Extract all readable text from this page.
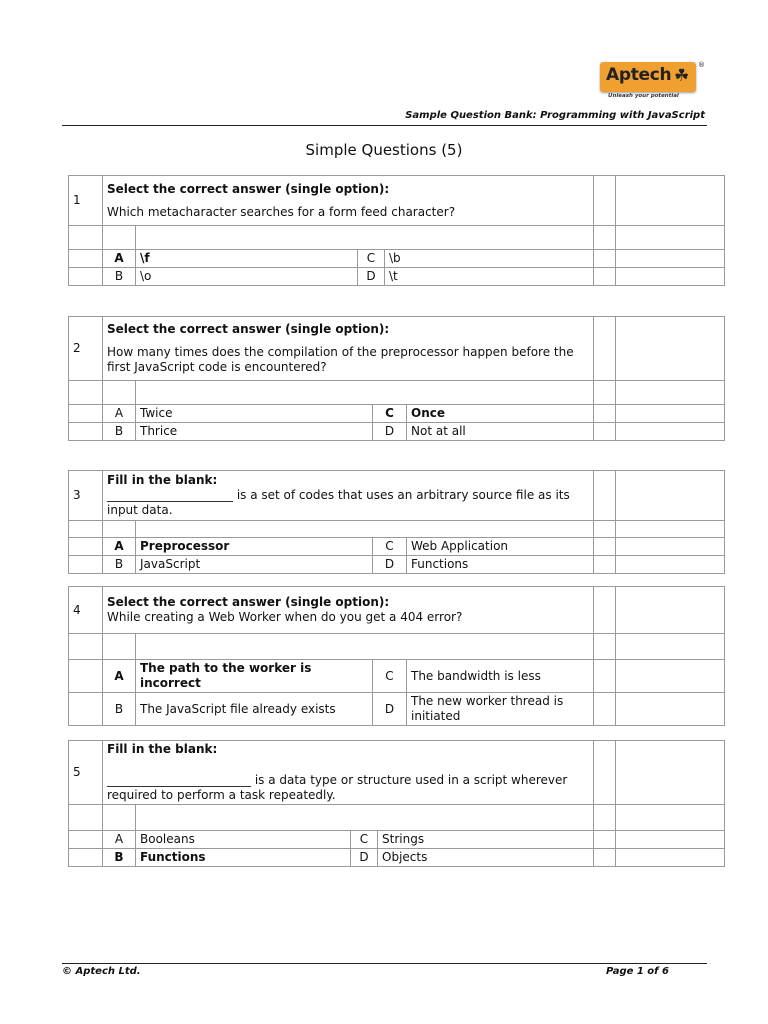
Aptech ☘
®
Unleash your potential
Sample Question Bank: Programming with JavaScript
Simple Questions (5)
1	Select the correct answer (single option):
Which metacharacter searches for a form feed character?					

	A	\f	C	\b		
	B	\o	D	\t		
2	Select the correct answer (single option):
How many times does the compilation of the preprocessor happen before the first JavaScript code is encountered?					

	A	Twice	C	Once		
	B	Thrice	D	Not at all		
3	Fill in the blank:
_____________________ is a set of codes that uses an arbitrary source file as its input data.					

	A	Preprocessor	C	Web Application		
	B	JavaScript	D	Functions		
4	Select the correct answer (single option):
While creating a Web Worker when do you get a 404 error?					

	A	The path to the worker is incorrect	C	The bandwidth is less		
	B	The JavaScript file already exists	D	The new worker thread is initiated		
5	Fill in the blank:
________________________ is a data type or structure used in a script wherever required to perform a task repeatedly.					

	A	Booleans	C	Strings		
	B	Functions	D	Objects		
© Aptech Ltd.	Page 1 of 6
